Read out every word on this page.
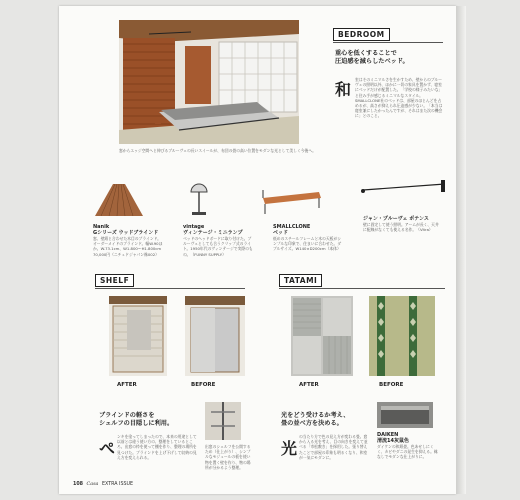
窓からエッジ空間へと伸びるブルーヴェの長いスイールが、布団の畳の高い位置をモダンな光として美しく今後へ。
BEDROOM
重心を低くすることで
圧迫感を減らしたベッド。
和
室はそのミニマルさを生かすため、壁からのブルーヴェの照明以外、ほかに一切の家具を置かず、寝室にベッドだけが配置した。「学校の様子みたいな」と住み手が感じるミニマルなスタイル。SMALLCLONE社のベッドは、部屋のほとんどを占めるが、高さが抑えられ圧迫感が少ない。「本当は寝室兼にしたかったんですが、それはまた次の機会に」とのこと。
Nanik
Gシリーズ ウッドブラインド
窓、壁紙と合わせた木目のブラインド。オーダーメイドのブラインド。幅W.90ほか。W.73.1cm、W1.800～H1.800cm 70,000円（ニチュドジャパン株002）
vintage
ヴィンテージ・ミニランプ
ベッドのヘッドボードに取り付けた。ブルーヴェとしても合うクリップ式のライト。1950年代のヴィンテージで実際のもの。（FUNNY SUPPLY）
SMALLCLONE
ベッド
低めのスチールフレームと木の天板がシンプルな印象で、住まいに合わせた。ダブルサイズ。W140×D200cm（本体）
ジャン・プルーヴェ ポテンス
壁に固定して使う照明。アームが長く、天井に配線がなくても使える名作。（Vitra）
SHELF
AFTER	BEFORE
ブラインドの軽さを
シェルフの目隠しに利用。
ペ
ンキを塗ってしまったので、本来の用途として以前とは違う使い方の、整理をしているところ。出窓の枠を使って棚を作り、整理の場所を見つけた。ブラインドを上げ下げして収納の見え方を変えられる。
出窓のシェルフを公開するため（仕上がり）、シンプルなモジュールの板を使い物を置く壁を作り、物の場所が分かるよう整理。
TATAMI
AFTER	BEFORE
光をどう受けるか考え、
畳の並べ方を決める。
光
の当たり方で色の見え方が変わる畳。窓から入る光を考え、目の向きを変えて並べる「市松敷き」を採用した。張り替えたことで部屋の印象も明るくなり、和室が一気にモダンに。
DAIKEN
清流14灰鼠色
ダイケンの和紙畳。色あせしにくく、カビやダニの発生を抑える。縁なしでモダンな仕上がりに。
108 Casa EXTRA ISSUE
